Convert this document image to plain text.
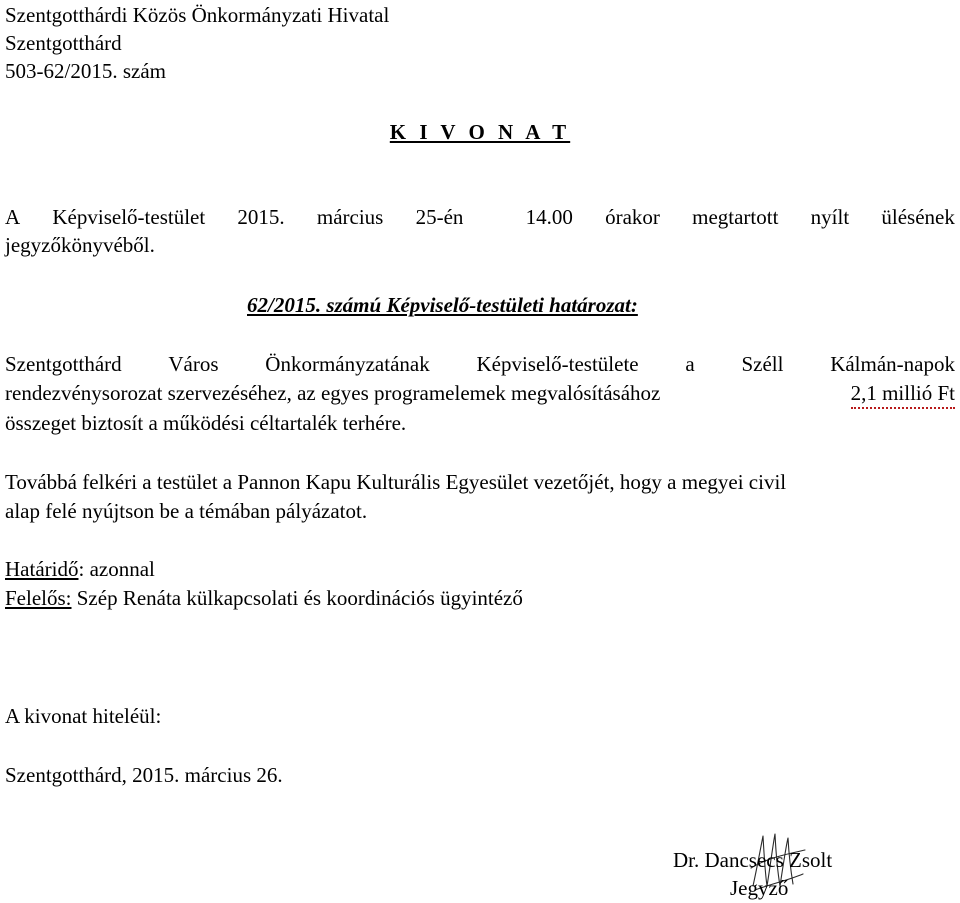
Szentgotthárdi Közös Önkormányzati Hivatal
Szentgotthárd
503-62/2015. szám
K I V O N A T
A Képviselő-testület 2015. március 25-én	14.00 órakor megtartott nyílt ülésének
jegyzőkönyvéből.
62/2015. számú Képviselő-testületi határozat:
Szentgotthárd Város Önkormányzatának Képviselő-testülete a Széll Kálmán-napok
rendezvénysorozat szervezéséhez, az egyes programelemek megvalósításához	2,1 millió Ft
összeget biztosít a működési céltartalék terhére.
Továbbá felkéri a testület a Pannon Kapu Kulturális Egyesület vezetőjét, hogy a megyei civil
alap felé nyújtson be a témában pályázatot.
Határidő: azonnal
Felelős: Szép Renáta külkapcsolati és koordinációs ügyintéző
A kivonat hiteléül:
Szentgotthárd, 2015. március 26.
Dr. Dancsecs Zsolt
Jegyző
